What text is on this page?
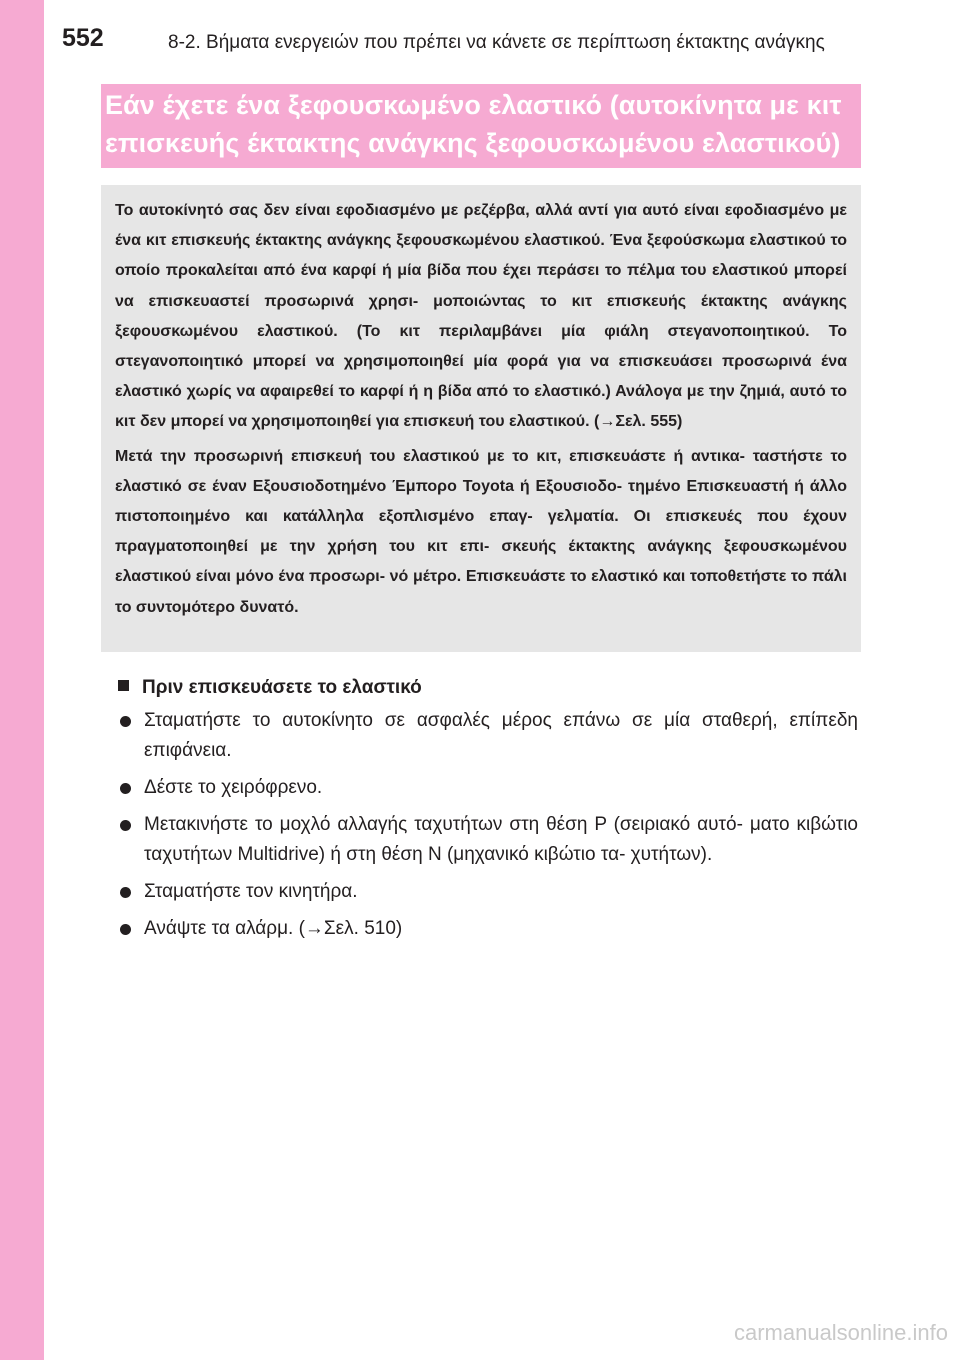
552	8-2. Βήματα ενεργειών που πρέπει να κάνετε σε περίπτωση έκτακτης ανάγκης
Εάν έχετε ένα ξεφουσκωμένο ελαστικό (αυτοκίνητα με κιτ
επισκευής έκτακτης ανάγκης ξεφουσκωμένου ελαστικού)

Το αυτοκίνητό σας δεν είναι εφοδιασμένο με ρεζέρβα, αλλά αντί για αυτό είναι εφοδιασμένο με ένα κιτ επισκευής έκτακτης ανάγκης ξεφουσκωμένου ελαστικού. Ένα ξεφούσκωμα ελαστικού το οποίο προκαλείται από ένα καρφί ή μία βίδα που έχει περάσει το πέλμα του ελαστικού μπορεί να επισκευαστεί προσωρινά χρησι- μοποιώντας το κιτ επισκευής έκτακτης ανάγκης ξεφουσκωμένου ελαστικού. (Το κιτ περιλαμβάνει μία φιάλη στεγανοποιητικού. Το στεγανοποιητικό μπορεί να χρησιμοποιηθεί μία φορά για να επισκευάσει προσωρινά ένα ελαστικό χωρίς να αφαιρεθεί το καρφί ή η βίδα από το ελαστικό.) Ανάλογα με την ζημιά, αυτό το κιτ δεν μπορεί να χρησιμοποιηθεί για επισκευή του ελαστικού. (→Σελ. 555)

Μετά την προσωρινή επισκευή του ελαστικού με το κιτ, επισκευάστε ή αντικα- ταστήστε το ελαστικό σε έναν Εξουσιοδοτημένο Έμπορο Toyota ή Εξουσιοδο- τημένο Επισκευαστή ή άλλο πιστοποιημένο και κατάλληλα εξοπλισμένο επαγ- γελματία. Οι επισκευές που έχουν πραγματοποιηθεί με την χρήση του κιτ επι- σκευής έκτακτης ανάγκης ξεφουσκωμένου ελαστικού είναι μόνο ένα προσωρι- νό μέτρο. Επισκευάστε το ελαστικό και τοποθετήστε το πάλι το συντομότερο δυνατό.

Πριν επισκευάσετε το ελαστικό
Σταματήστε το αυτοκίνητο σε ασφαλές μέρος επάνω σε μία σταθερή, επίπεδη επιφάνεια.
Δέστε το χειρόφρενο.
Μετακινήστε το μοχλό αλλαγής ταχυτήτων στη θέση P (σειριακό αυτό- ματο κιβώτιο ταχυτήτων Multidrive) ή στη θέση N (μηχανικό κιβώτιο τα- χυτήτων).
Σταματήστε τον κινητήρα.
Ανάψτε τα αλάρμ. (→Σελ. 510)
carmanualsonline.info
